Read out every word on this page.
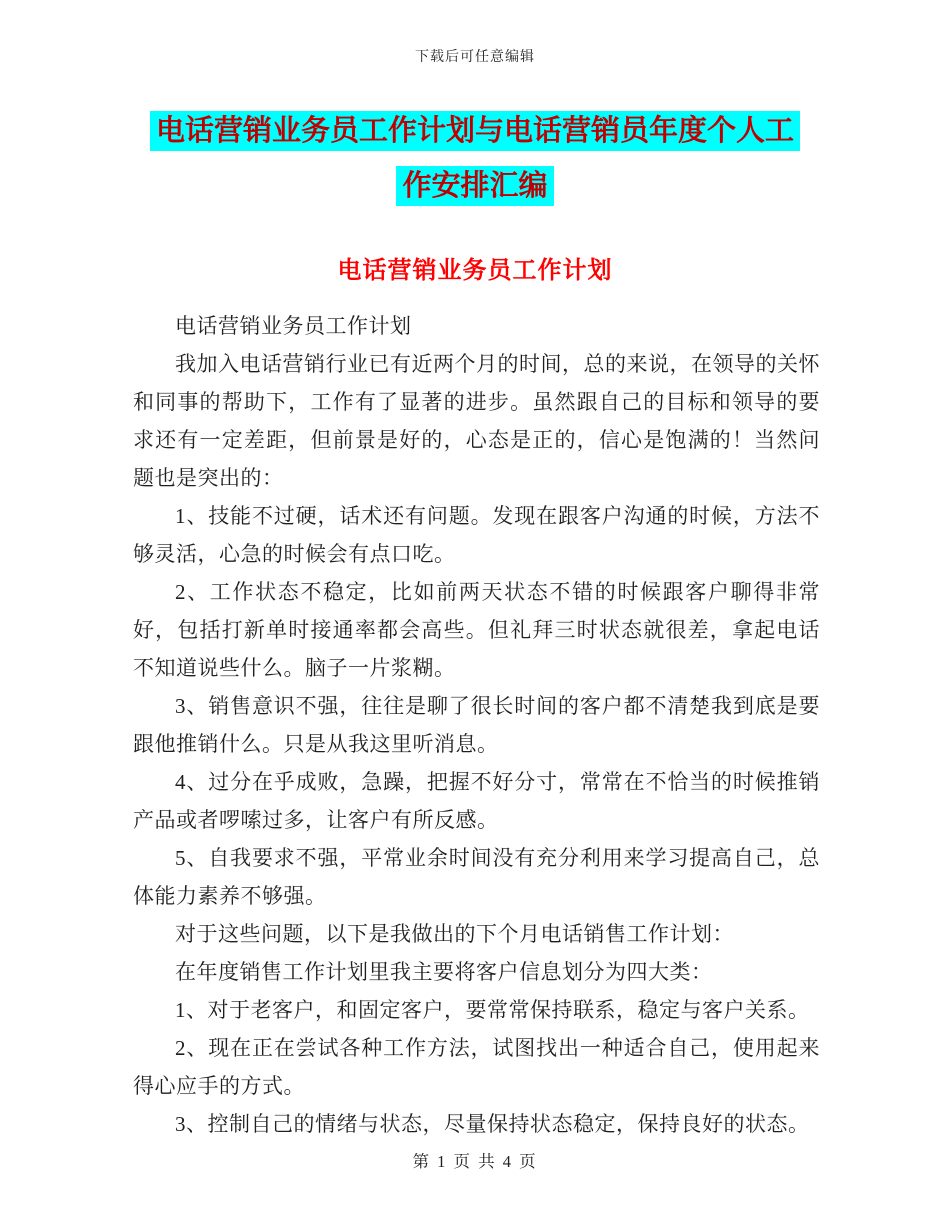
下载后可任意编辑
电话营销业务员工作计划与电话营销员年度个人工作安排汇编
电话营销业务员工作计划

电话营销业务员工作计划

我加入电话营销行业已有近两个月的时间，总的来说，在领导的关怀和同事的帮助下，工作有了显著的进步。虽然跟自己的目标和领导的要求还有一定差距，但前景是好的，心态是正的，信心是饱满的！当然问题也是突出的：

1、技能不过硬，话术还有问题。发现在跟客户沟通的时候，方法不够灵活，心急的时候会有点口吃。

2、工作状态不稳定，比如前两天状态不错的时候跟客户聊得非常好，包括打新单时接通率都会高些。但礼拜三时状态就很差，拿起电话不知道说些什么。脑子一片浆糊。

3、销售意识不强，往往是聊了很长时间的客户都不清楚我到底是要跟他推销什么。只是从我这里听消息。

4、过分在乎成败，急躁，把握不好分寸，常常在不恰当的时候推销产品或者啰嗦过多，让客户有所反感。

5、自我要求不强，平常业余时间没有充分利用来学习提高自己，总体能力素养不够强。

对于这些问题，以下是我做出的下个月电话销售工作计划：

在年度销售工作计划里我主要将客户信息划分为四大类：

1、对于老客户，和固定客户，要常常保持联系，稳定与客户关系。

2、现在正在尝试各种工作方法，试图找出一种适合自己，使用起来得心应手的方式。

3、控制自己的情绪与状态，尽量保持状态稳定，保持良好的状态。

第 1 页 共 4 页
